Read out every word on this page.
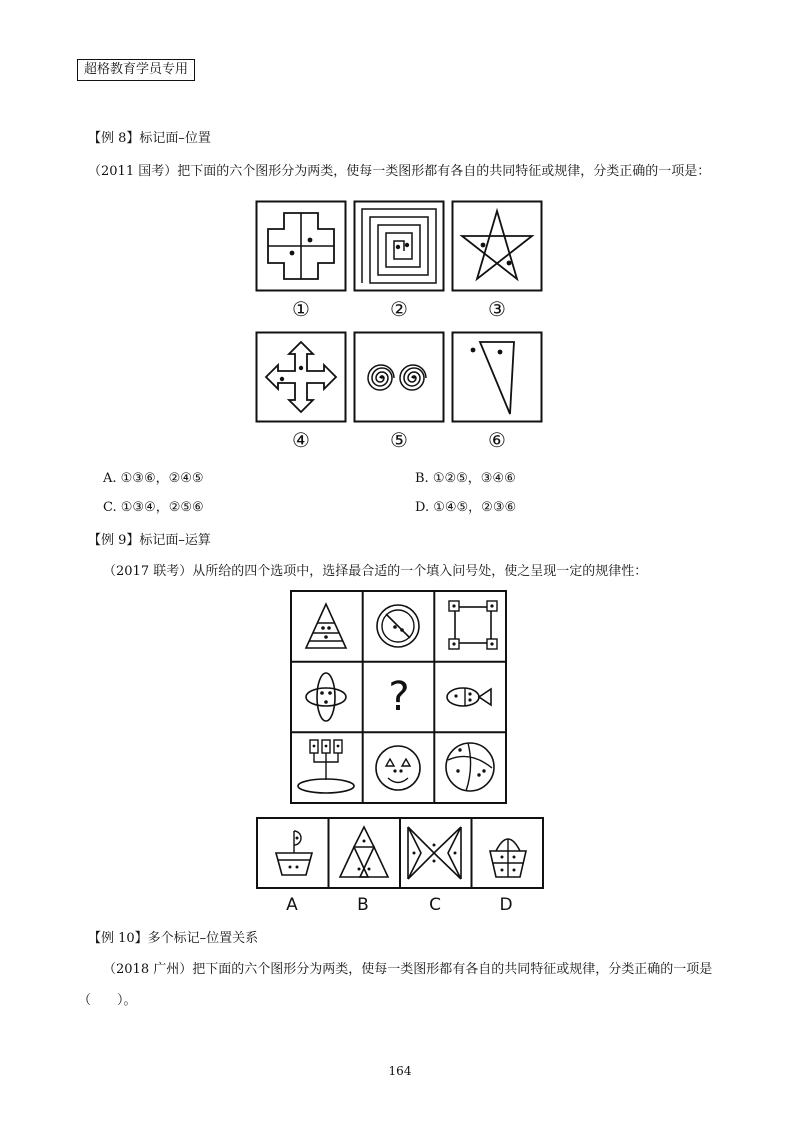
超格教育学员专用
【例 8】标记面–位置
（2011 国考）把下面的六个图形分为两类，使每一类图形都有各自的共同特征或规律，分类正确的一项是：
①	②	③
④	⑤	⑥
A. ①③⑥，②④⑤	B. ①②⑤，③④⑥
C. ①③④，②⑤⑥	D. ①④⑤，②③⑥
【例 9】标记面–运算
（2017 联考）从所给的四个选项中，选择最合适的一个填入问号处，使之呈现一定的规律性：
?
A	B	C	D
【例 10】多个标记–位置关系
（2018 广州）把下面的六个图形分为两类，使每一类图形都有各自的共同特征或规律，分类正确的一项是
（　　）。
164
